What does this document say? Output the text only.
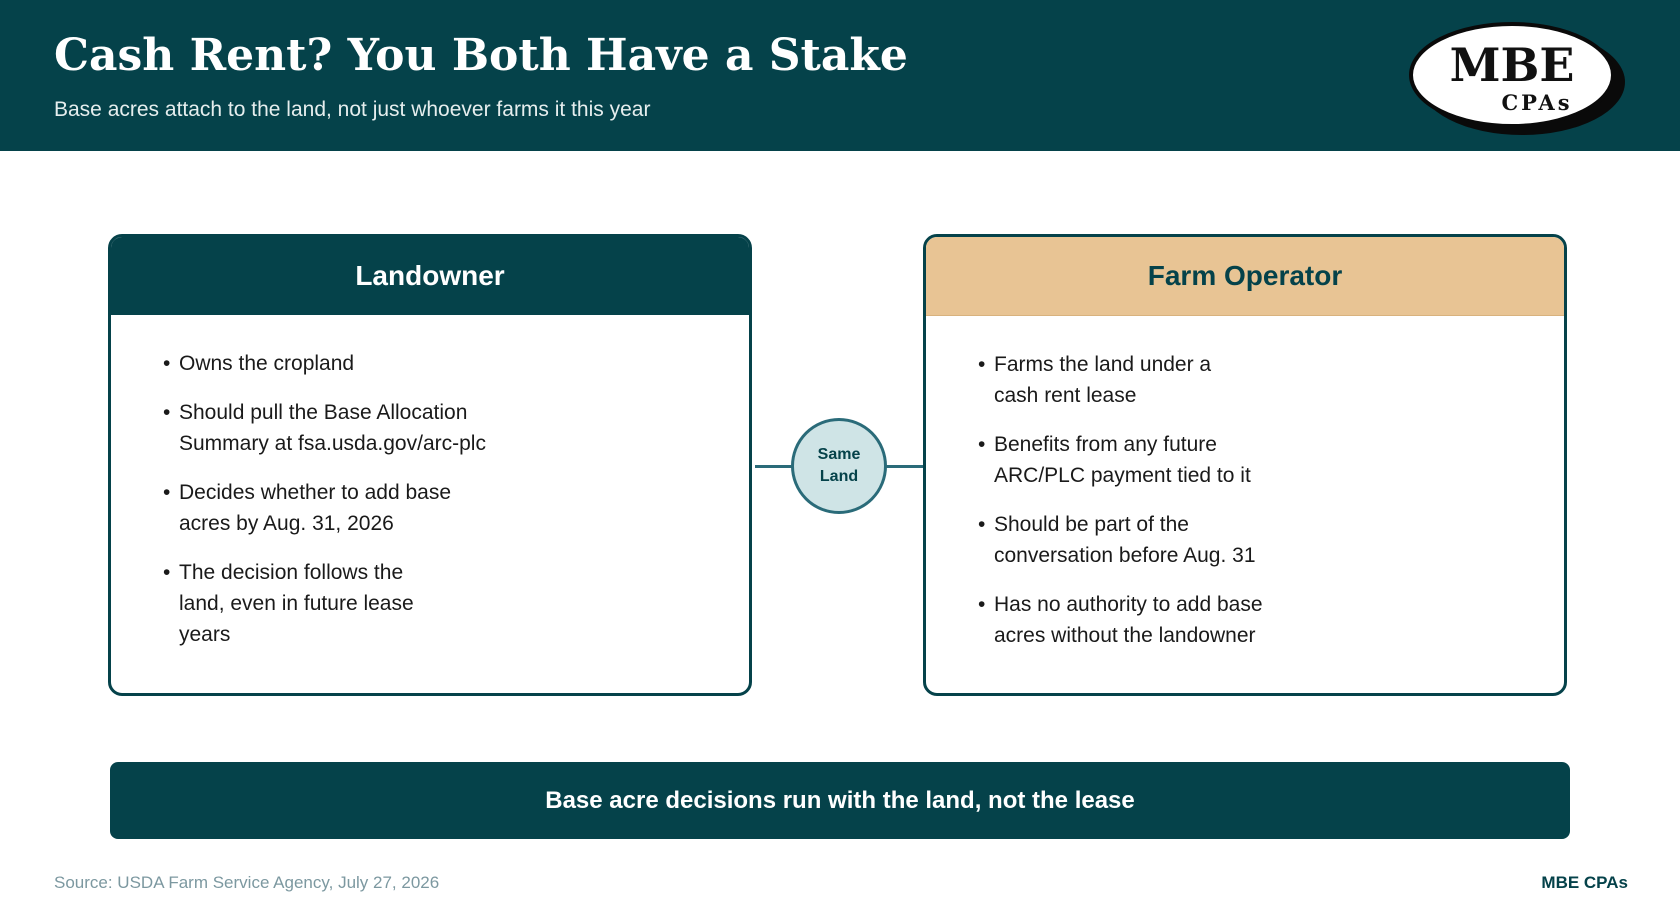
Cash Rent? You Both Have a Stake
Base acres attach to the land, not just whoever farms it this year
MBE
CPAs
Landowner
• Owns the cropland
• Should pull the Base Allocation Summary at fsa.usda.gov/arc-plc
• Decides whether to add base acres by Aug. 31, 2026
• The decision follows the land, even in future lease years
Same
Land
Farm Operator
• Farms the land under a cash rent lease
• Benefits from any future ARC/PLC payment tied to it
• Should be part of the conversation before Aug. 31
• Has no authority to add base acres without the landowner
Base acre decisions run with the land, not the lease
Source: USDA Farm Service Agency, July 27, 2026	MBE CPAs
